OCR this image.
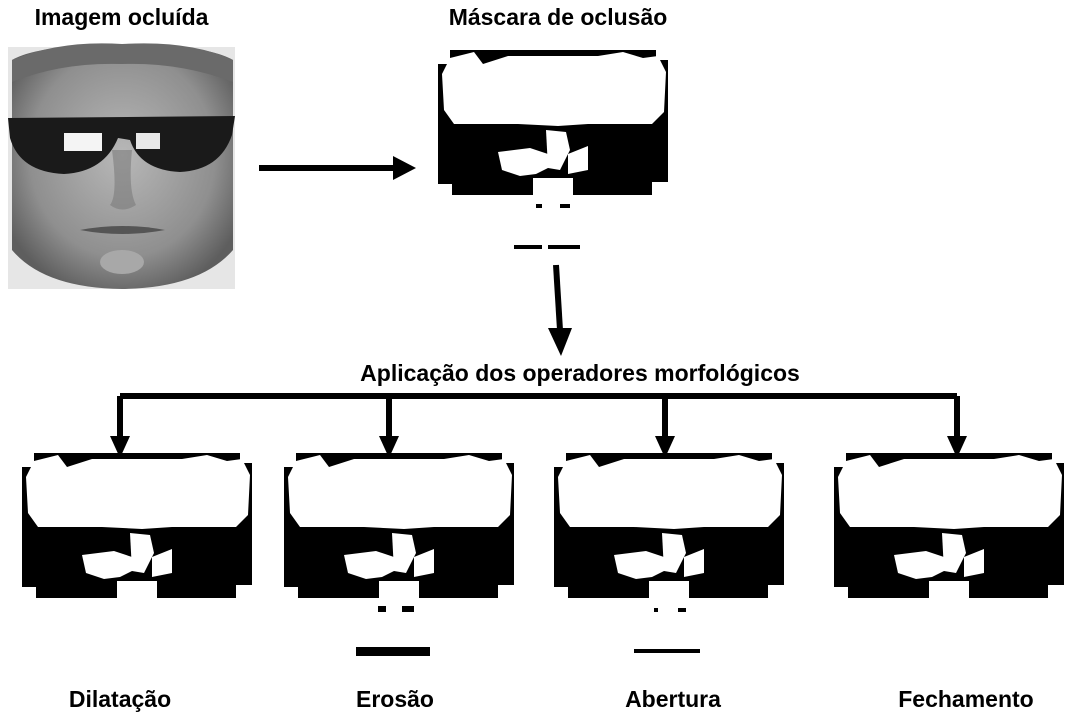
Imagem ocluída	Máscara de oclusão
Aplicação dos operadores morfológicos
Dilatação	Erosão	Abertura	Fechamento
